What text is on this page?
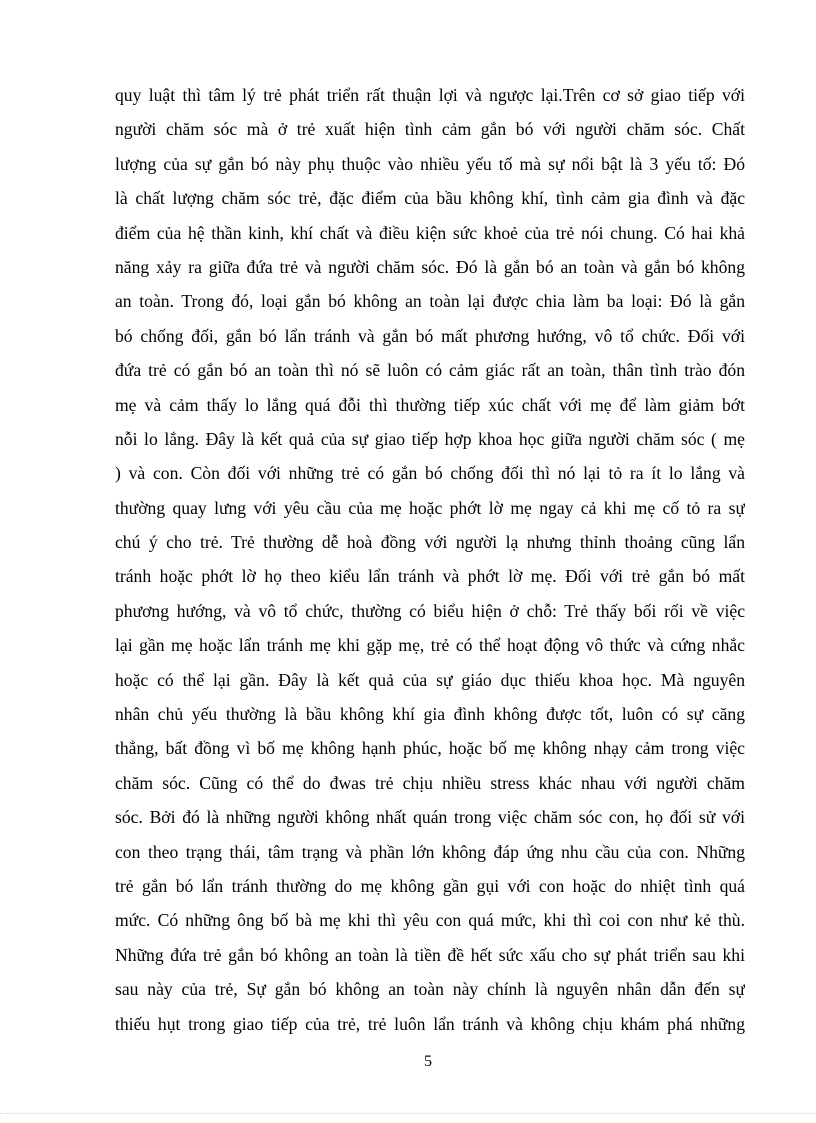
quy luật thì tâm lý trẻ phát triển rất thuận lợi và ngược lại.Trên cơ sở giao tiếp với
người chăm sóc mà ở trẻ xuất hiện tình cảm gắn bó với người chăm sóc. Chất
lượng của sự gắn bó này phụ thuộc vào nhiều yếu tố mà sự nổi bật là 3 yếu tố: Đó
là chất lượng chăm sóc trẻ, đặc điểm của bầu không khí, tình cảm gia đình và đặc
điểm của hệ thần kinh, khí chất và điều kiện sức khoẻ của trẻ nói chung. Có hai khả
năng xảy ra giữa đứa trẻ và người chăm sóc. Đó là gắn bó an toàn và gắn bó không
an toàn. Trong đó, loại gắn bó không an toàn lại được chia làm ba loại: Đó là gắn
bó chống đối, gắn bó lẩn tránh và gắn bó mất phương hướng, vô tổ chức. Đối với
đứa trẻ có gắn bó an toàn thì nó sẽ luôn có cảm giác rất an toàn, thân tình trào đón
mẹ và cảm thấy lo lắng quá đỗi thì thường tiếp xúc chất với mẹ để làm giảm bớt
nỗi lo lắng. Đây là kết quả của sự giao tiếp hợp khoa học giữa người chăm sóc ( mẹ
) và con. Còn đối với những trẻ có gắn bó chống đối thì nó lại tỏ ra ít lo lắng và
thường quay lưng với yêu cầu của mẹ hoặc phớt lờ mẹ ngay cả khi mẹ cố tỏ ra sự
chú ý cho trẻ. Trẻ thường dễ hoà đồng với người lạ nhưng thỉnh thoảng cũng lẩn
tránh hoặc phớt lờ họ theo kiểu lẩn tránh và phớt lờ mẹ. Đối với trẻ gắn bó mất
phương hướng, và vô tổ chức, thường có biểu hiện ở chỗ: Trẻ thấy bối rối về việc
lại gần mẹ hoặc lẩn tránh mẹ khi gặp mẹ, trẻ có thể hoạt động vô thức và cứng nhắc
hoặc có thể lại gần. Đây là kết quả của sự giáo dục thiếu khoa học. Mà nguyên
nhân chủ yếu thường là bầu không khí gia đình không được tốt, luôn có sự căng
thẳng, bất đồng vì bố mẹ không hạnh phúc, hoặc bố mẹ không nhạy cảm trong việc
chăm sóc. Cũng có thể do đwas trẻ chịu nhiều stress khác nhau với người chăm
sóc. Bởi đó là những người không nhất quán trong việc chăm sóc con, họ đối sử với
con theo trạng thái, tâm trạng và phần lớn không đáp ứng nhu cầu của con. Những
trẻ gắn bó lẩn tránh thường do mẹ không gần gụi với con hoặc do nhiệt tình quá
mức. Có những ông bố bà mẹ khi thì yêu con quá mức, khi thì coi con như kẻ thù.
Những đứa trẻ gắn bó không an toàn là tiền đề hết sức xấu cho sự phát triển sau khi
sau này của trẻ, Sự gắn bó không an toàn này chính là nguyên nhân dẫn đến sự
thiếu hụt trong giao tiếp của trẻ, trẻ luôn lẩn tránh và không chịu khám phá những
5
